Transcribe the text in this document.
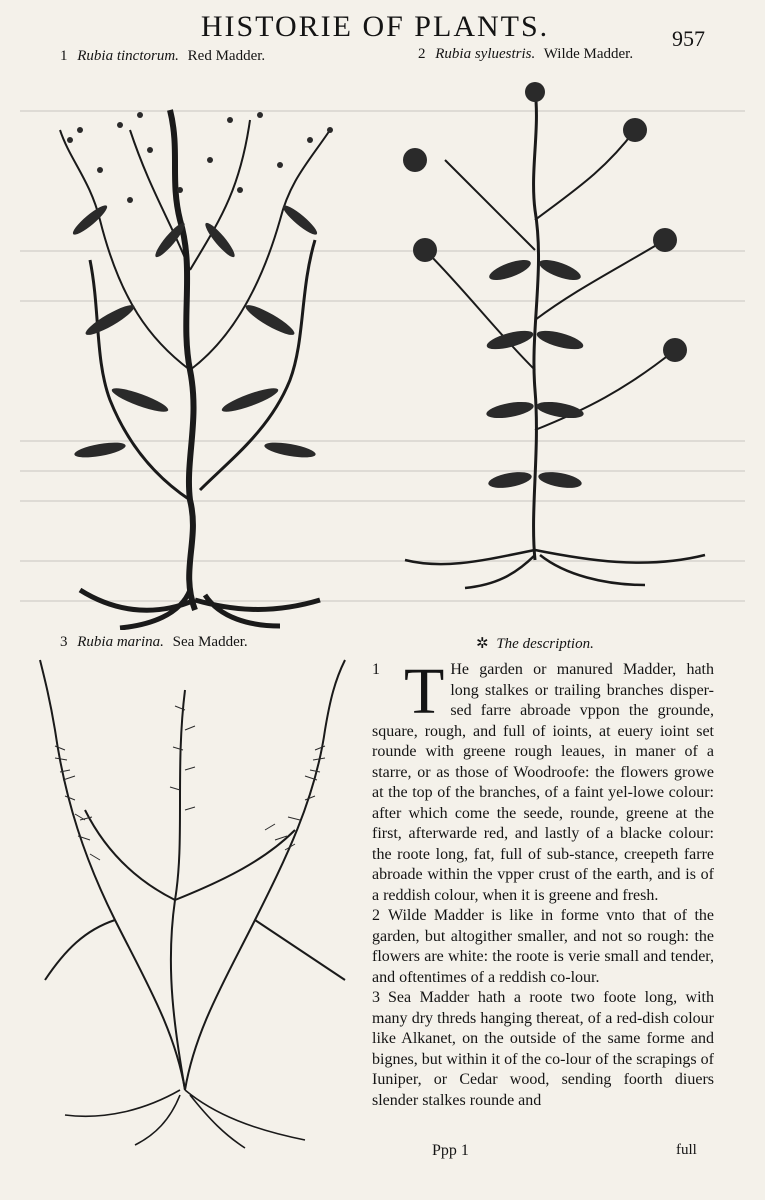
HISTORIE OF PLANTS.	957
1 Rubia tinctorum. Red Madder.	2 Rubia syluestris. Wilde Madder.
3 Rubia marina. Sea Madder.	✲ The description.

1 T He garden or manured Madder, hath long stalkes or trailing branches disper-sed farre abroade vppon the grounde, square, rough, and full of ioints, at euery ioint set rounde with greene rough leaues, in maner of a starre, or as those of Woodroofe: the flowers growe at the top of the branches, of a faint yel-lowe colour: after which come the seede, rounde, greene at the first, afterwarde red, and lastly of a blacke colour: the roote long, fat, full of sub-stance, creepeth farre abroade within the vpper crust of the earth, and is of a reddish colour, when it is greene and fresh.

2 Wilde Madder is like in forme vnto that of the garden, but altogither smaller, and not so rough: the flowers are white: the roote is verie small and tender, and oftentimes of a reddish co-lour.

3 Sea Madder hath a roote two foote long, with many dry threds hanging thereat, of a red-dish colour like Alkanet, on the outside of the same forme and bignes, but within it of the co-lour of the scrapings of Iuniper, or Cedar wood, sending foorth diuers slender stalkes rounde and

Ppp 1	full
